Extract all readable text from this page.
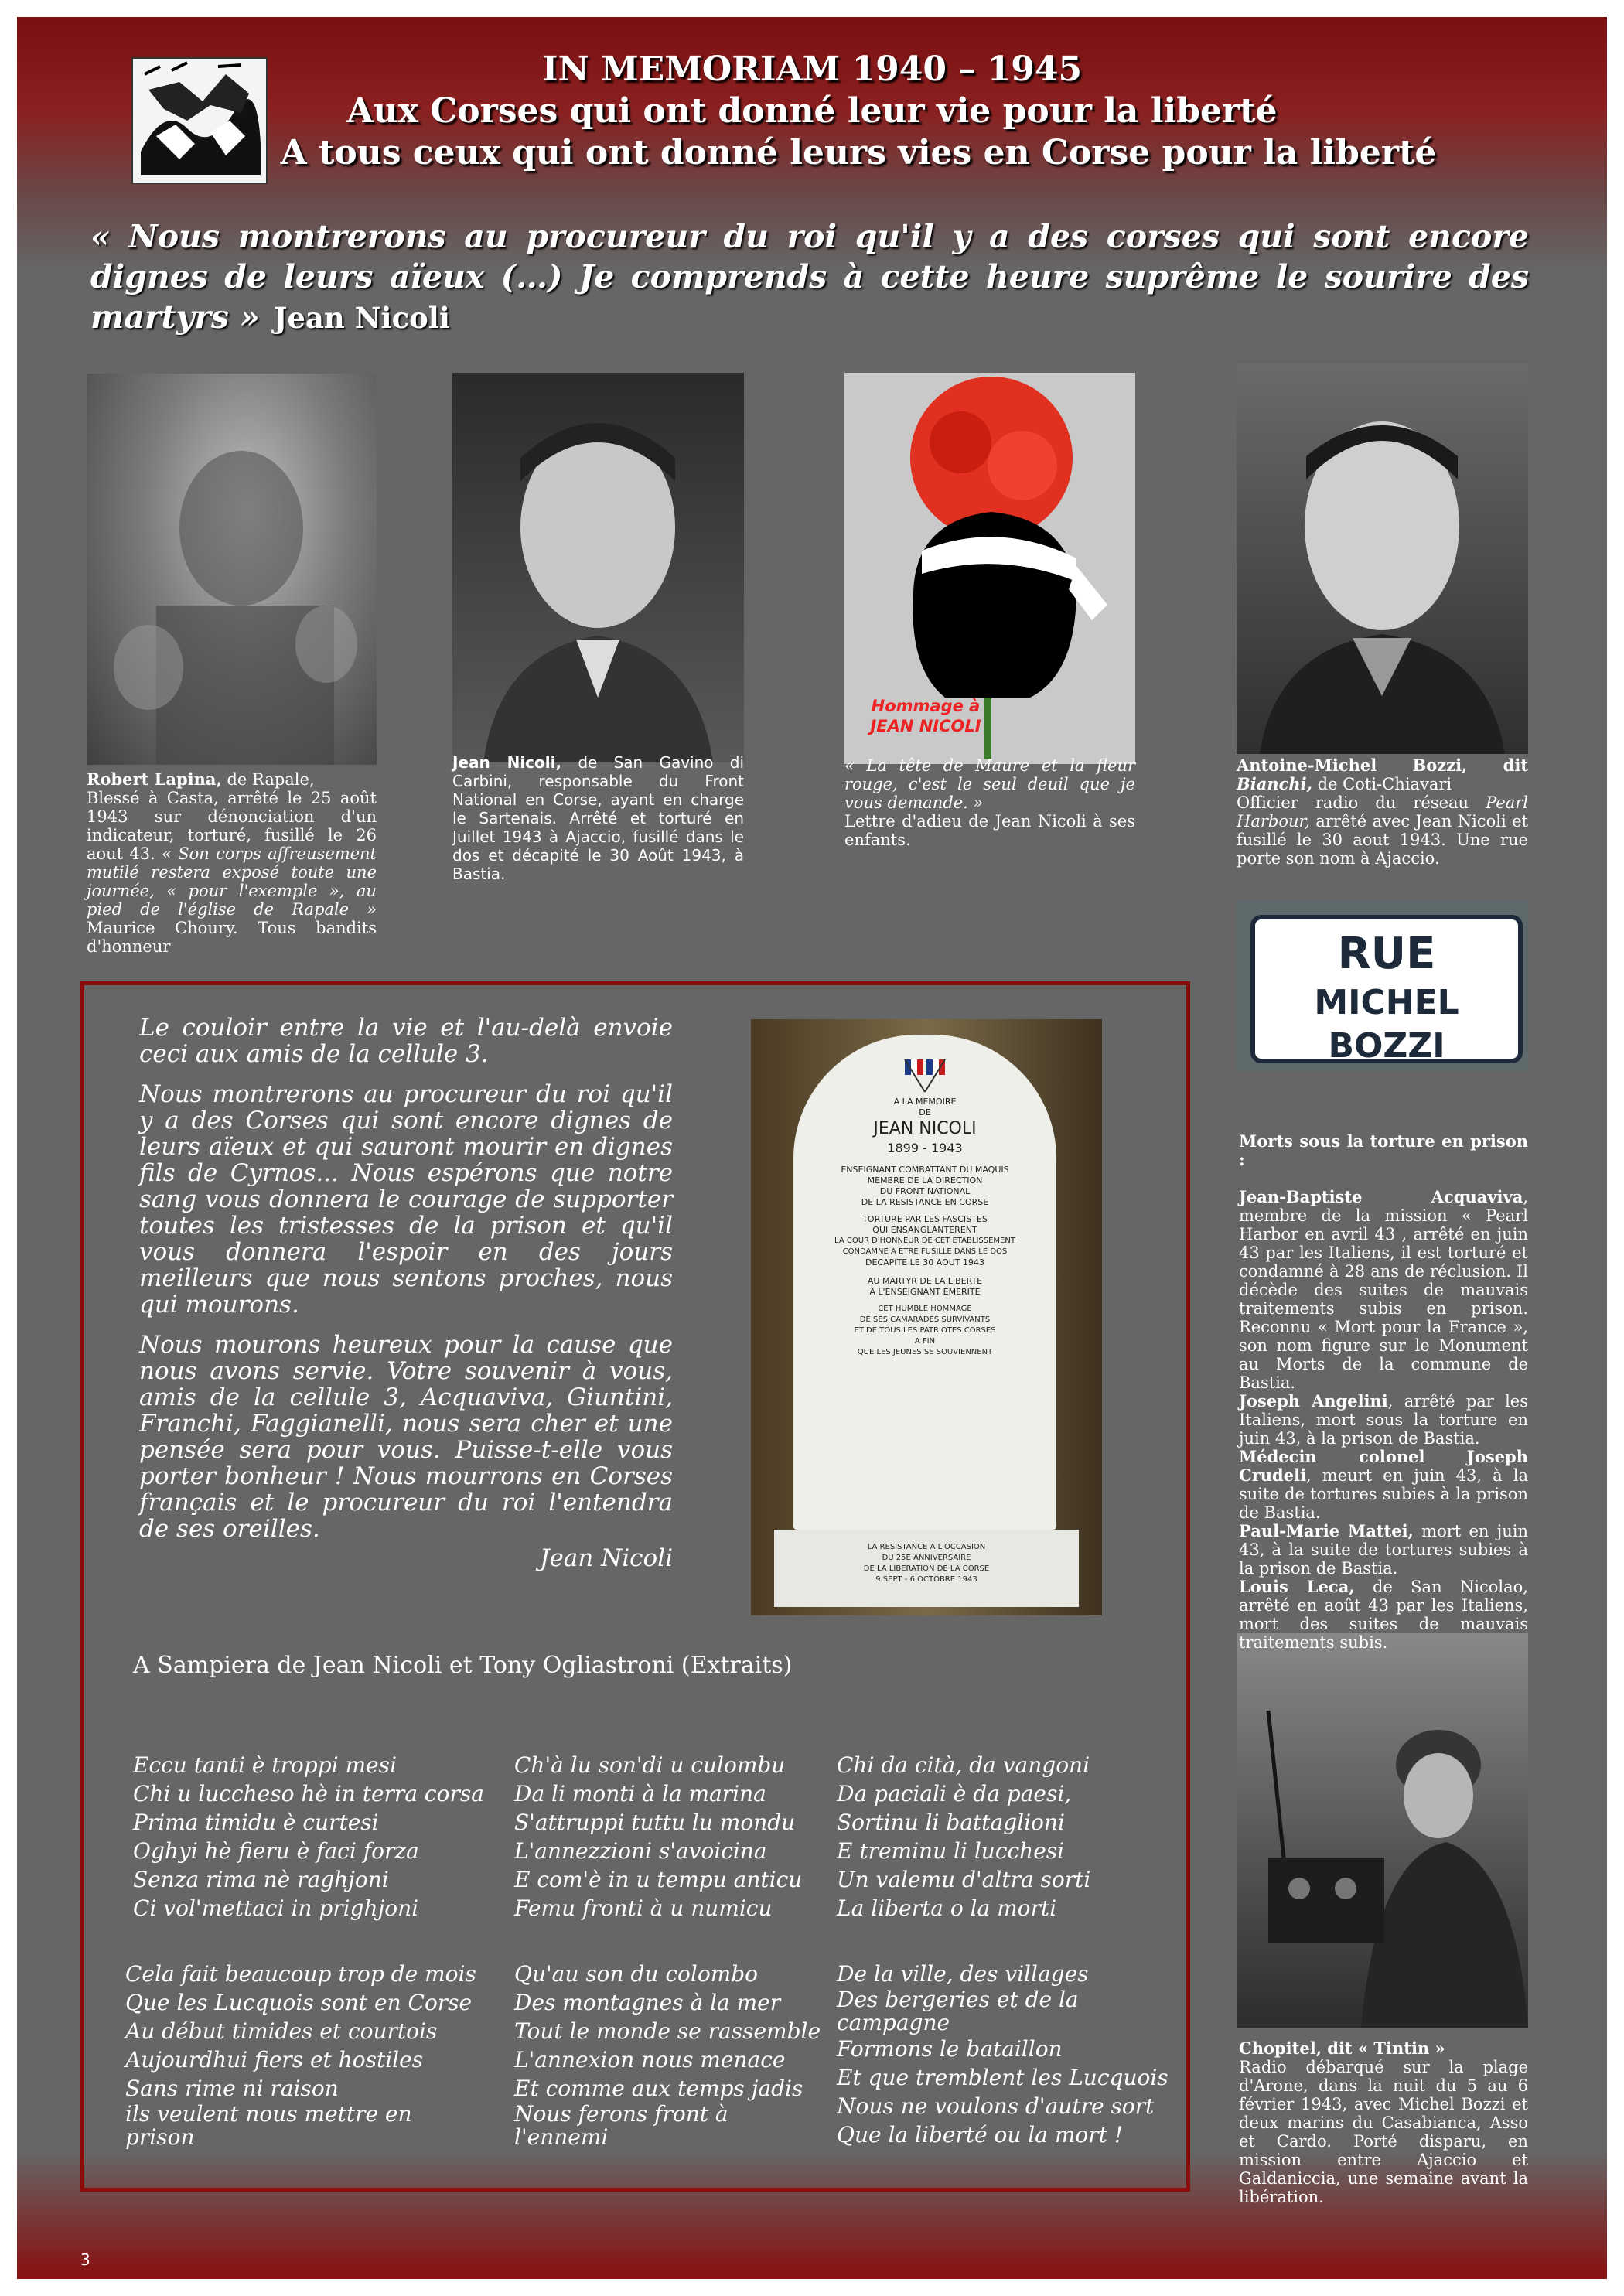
IN MEMORIAM 1940 – 1945
Aux Corses qui ont donné leur vie pour la liberté
A tous ceux qui ont donné leurs vies en Corse pour la liberté
« Nous montrerons au procureur du roi qu'il y a des corses qui sont encore dignes de leurs aïeux (…) Je comprends à cette heure suprême le sourire des martyrs » Jean Nicoli
Hommage à
JEAN NICOLI
Robert Lapina, de Rapale,
Blessé à Casta, arrêté le 25 août 1943 sur dénonciation d'un indicateur, torturé, fusillé le 26 aout 43. « Son corps affreusement mutilé restera exposé toute une journée, « pour l'exemple », au pied de l'église de Rapale » Maurice Choury. Tous bandits d'honneur
Jean Nicoli, de San Gavino di Carbini, responsable du Front National en Corse, ayant en charge le Sartenais. Arrêté et torturé en Juillet 1943 à Ajaccio, fusillé dans le dos et décapité le 30 Août 1943, à Bastia.
« La tête de Maure et la fleur rouge, c'est le seul deuil que je vous demande. »
Lettre d'adieu de Jean Nicoli à ses enfants.
Antoine-Michel Bozzi, dit Bianchi, de Coti-Chiavari
Officier radio du réseau Pearl Harbour, arrêté avec Jean Nicoli et fusillé le 30 aout 1943. Une rue porte son nom à Ajaccio.
RUE
MICHEL BOZZI

Le couloir entre la vie et l'au-delà envoie ceci aux amis de la cellule 3.

Nous montrerons au procureur du roi qu'il y a des Corses qui sont encore dignes de leurs aïeux et qui sauront mourir en dignes fils de Cyrnos... Nous espérons que notre sang vous donnera le courage de supporter toutes les tristesses de la prison et qu'il vous donnera l'espoir en des jours meilleurs que nous sentons proches, nous qui mourons.

Nous mourons heureux pour la cause que nous avons servie. Votre souvenir à vous, amis de la cellule 3, Acquaviva, Giuntini, Franchi, Faggianelli, nous sera cher et une pensée sera pour vous. Puisse-t-elle vous porter bonheur ! Nous mourrons en Corses français et le procureur du roi l'entendra de ses oreilles.

Jean Nicoli
A LA MEMOIRE
DE
JEAN NICOLI
1899 - 1943
ENSEIGNANT COMBATTANT DU MAQUIS
MEMBRE DE LA DIRECTION
DU FRONT NATIONAL
DE LA RESISTANCE EN CORSE
TORTURE PAR LES FASCISTES
QUI ENSANGLANTERENT
LA COUR D'HONNEUR DE CET ETABLISSEMENT
CONDAMNE A ETRE FUSILLE DANS LE DOS
DECAPITE LE 30 AOUT 1943
AU MARTYR DE LA LIBERTE
A L'ENSEIGNANT EMERITE
CET HUMBLE HOMMAGE
DE SES CAMARADES SURVIVANTS
ET DE TOUS LES PATRIOTES CORSES
A FIN
QUE LES JEUNES SE SOUVIENNENT
LA RESISTANCE A L'OCCASION
DU 25E ANNIVERSAIRE
DE LA LIBERATION DE LA CORSE
9 SEPT - 6 OCTOBRE 1943
A Sampiera de Jean Nicoli et Tony Ogliastroni (Extraits)
Eccu tanti è troppi mesi
Chi u luccheso hè in terra corsa
Prima timidu è curtesi
Oghyi hè fieru è faci forza
Senza rima nè raghjoni
Ci vol'mettaci in prighjoni
Ch'à lu son'di u culombu
Da li monti à la marina
S'attruppi tuttu lu mondu
L'annezzioni s'avoicina
E com'è in u tempu anticu
Femu fronti à u numicu
Chi da cità, da vangoni
Da paciali è da paesi,
Sortinu li battaglioni
E treminu li lucchesi
Un valemu d'altra sorti
La liberta o la morti
Cela fait beaucoup trop de mois
Que les Lucquois sont en Corse
Au début timides et courtois
Aujourdhui fiers et hostiles
Sans rime ni raison
ils veulent nous mettre en
prison
Qu'au son du colombo
Des montagnes à la mer
Tout le monde se rassemble
L'annexion nous menace
Et comme aux temps jadis
Nous ferons front à
l'ennemi
De la ville, des villages
Des bergeries et de la
campagne
Formons le bataillon
Et que tremblent les Lucquois
Nous ne voulons d'autre sort
Que la liberté ou la mort !
Morts sous la torture en prison :
Jean-Baptiste Acquaviva, membre de la mission « Pearl Harbor en avril 43 , arrêté en juin 43 par les Italiens, il est torturé et condamné à 28 ans de réclusion. Il décède des suites de mauvais traitements subis en prison. Reconnu « Mort pour la France », son nom figure sur le Monument au Morts de la commune de Bastia.
Joseph Angelini, arrêté par les Italiens, mort sous la torture en juin 43, à la prison de Bastia.
Médecin colonel Joseph Crudeli, meurt en juin 43, à la suite de tortures subies à la prison de Bastia.
Paul-Marie Mattei, mort en juin 43, à la suite de tortures subies à la prison de Bastia.
Louis Leca, de San Nicolao, arrêté en août 43 par les Italiens, mort des suites de mauvais traitements subis.
Chopitel, dit « Tintin »
Radio débarqué sur la plage d'Arone, dans la nuit du 5 au 6 février 1943, avec Michel Bozzi et deux marins du Casabianca, Asso et Cardo. Porté disparu, en mission entre Ajaccio et Galdaniccia, une semaine avant la libération.
3
